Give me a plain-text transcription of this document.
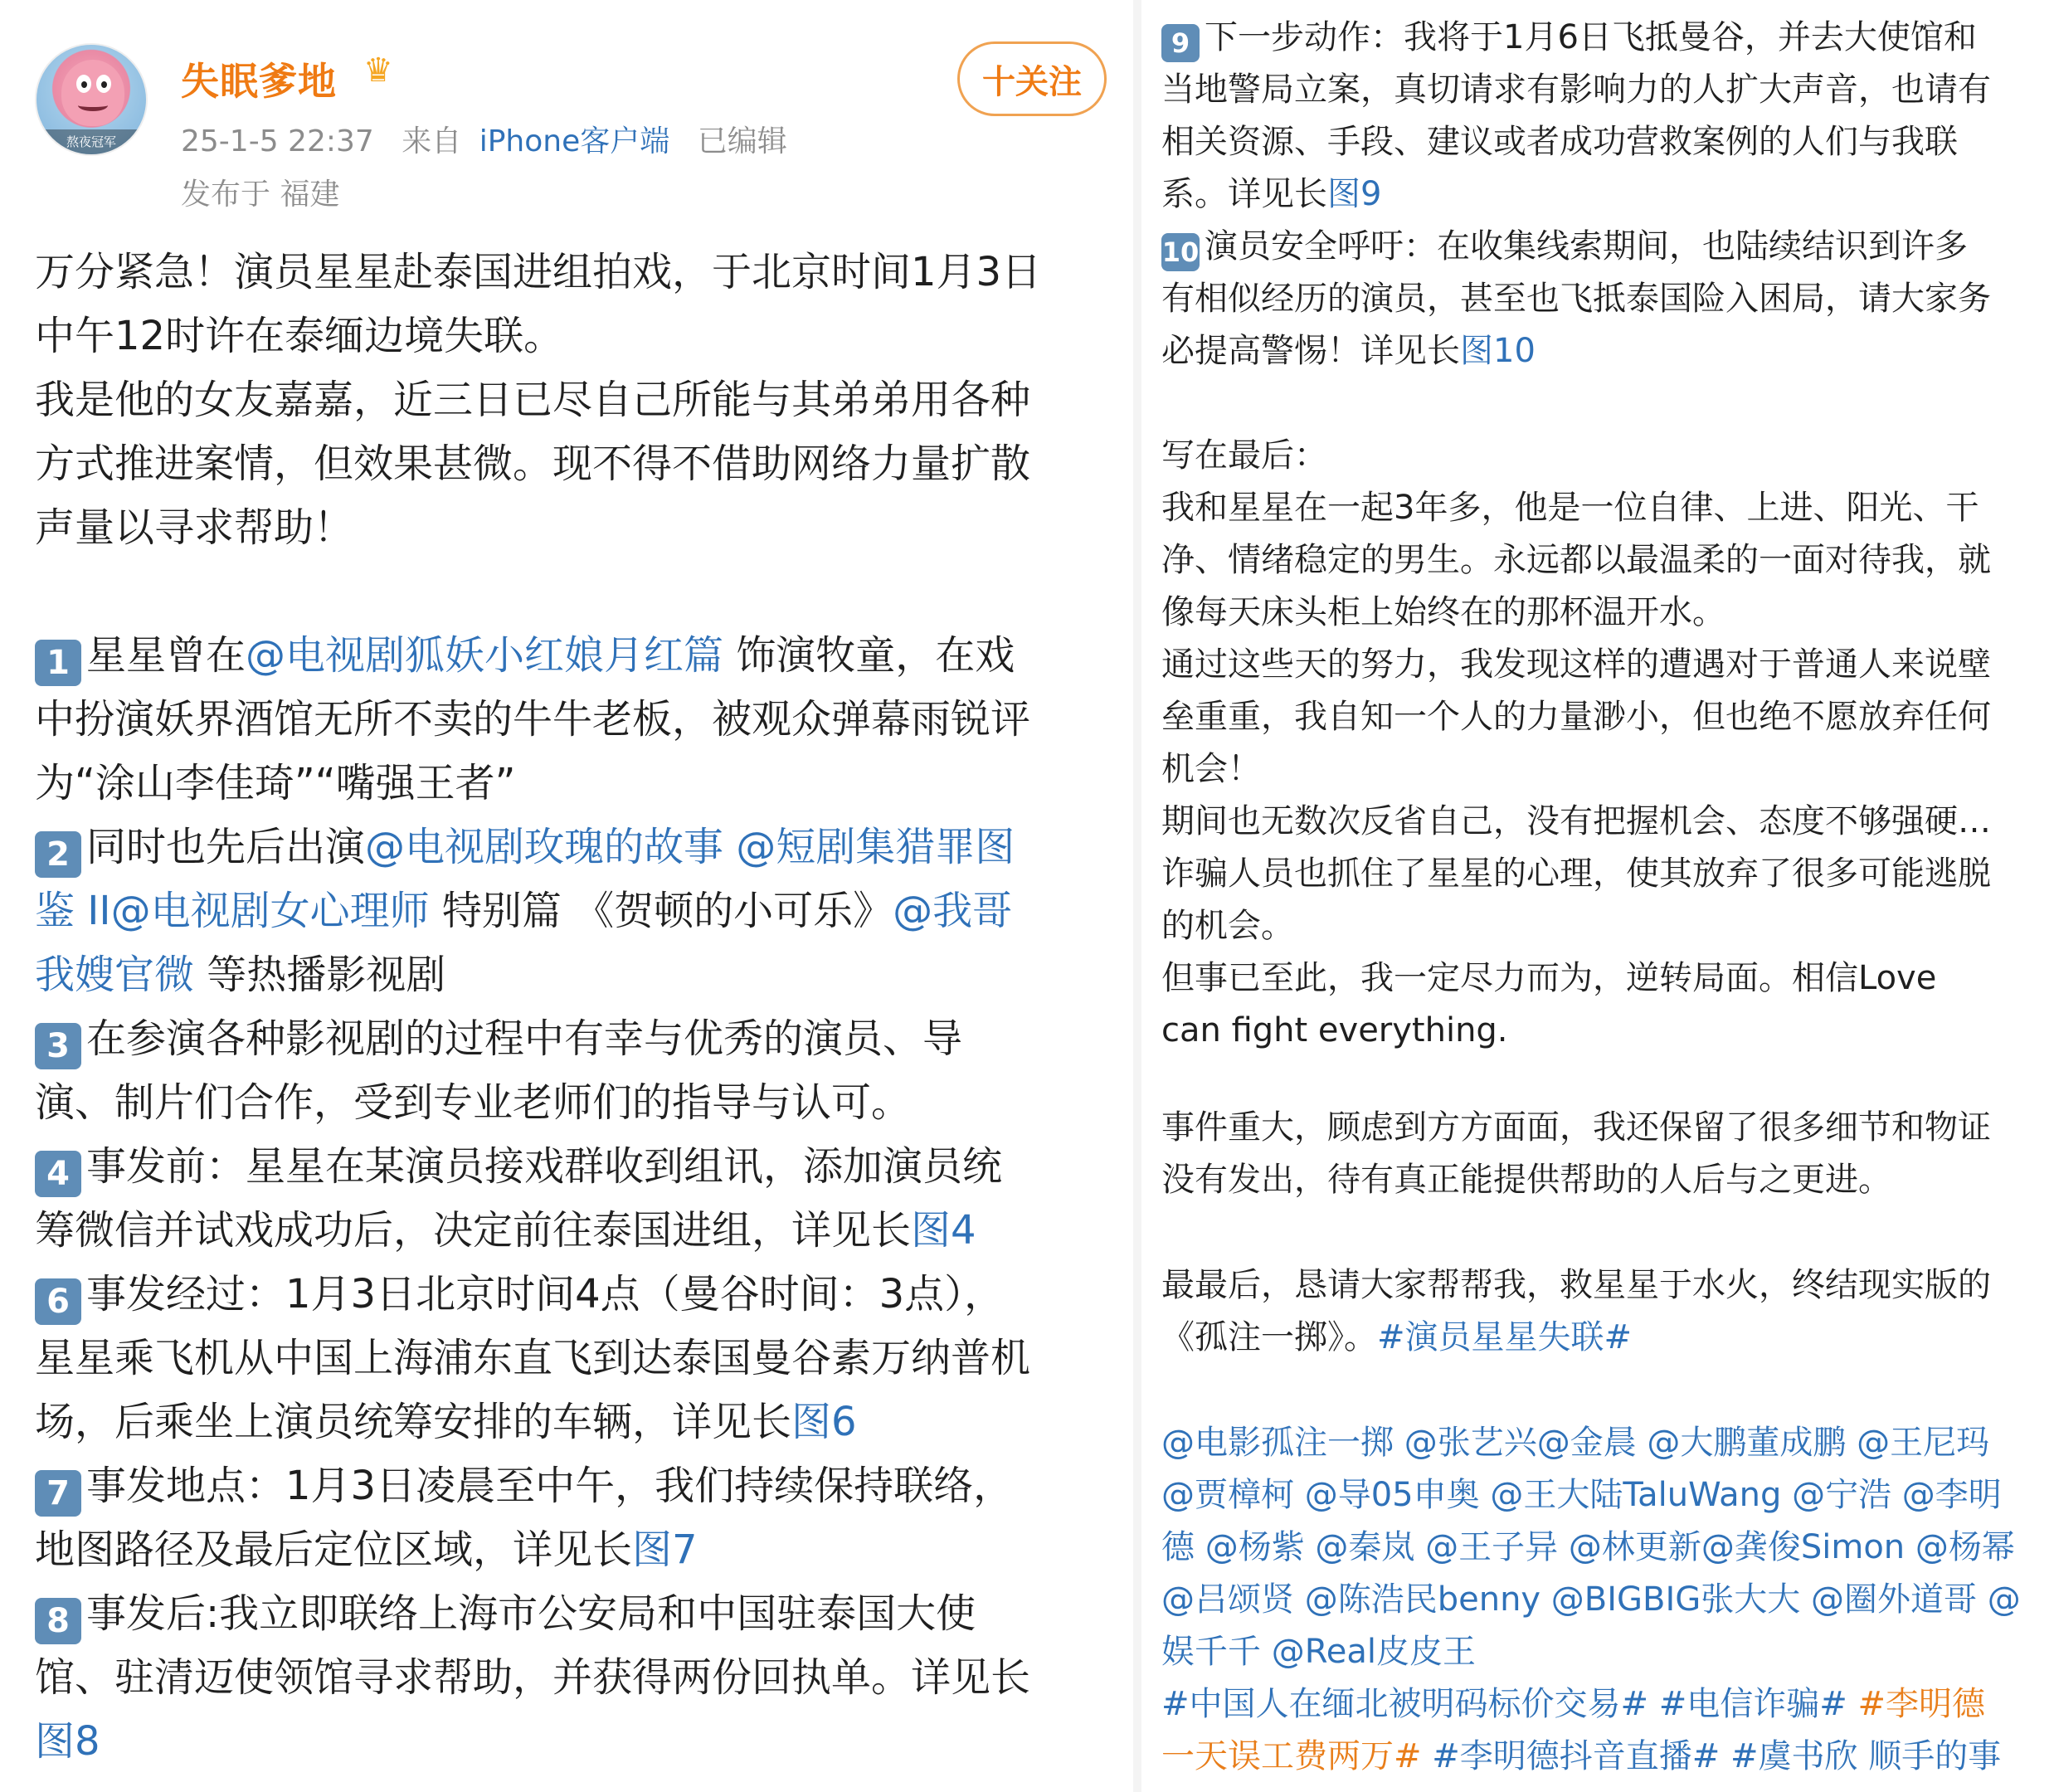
熬夜冠军
失眠爹地 ♛
25-1-5 22:37 来自 iPhone客户端 已编辑
发布于 福建
十关注
万分紧急！演员星星赴泰国进组拍戏，于北京时间1月3日
中午12时许在泰缅边境失联。
我是他的女友嘉嘉，近三日已尽自己所能与其弟弟用各种
方式推进案情，但效果甚微。现不得不借助网络力量扩散
声量以寻求帮助！
1 星星曾在@电视剧狐妖小红娘月红篇 饰演牧童，在戏
中扮演妖界酒馆无所不卖的牛牛老板，被观众弹幕雨锐评
为“涂山李佳琦”“嘴强王者”
2 同时也先后出演@电视剧玫瑰的故事 @短剧集猎罪图
鉴 II@电视剧女心理师 特别篇 《贺顿的小可乐》@我哥
我嫂官微 等热播影视剧
3 在参演各种影视剧的过程中有幸与优秀的演员、导
演、制片们合作，受到专业老师们的指导与认可。
4 事发前：星星在某演员接戏群收到组讯，添加演员统
筹微信并试戏成功后，决定前往泰国进组，详见长图4
6 事发经过：1月3日北京时间4点（曼谷时间：3点），
星星乘飞机从中国上海浦东直飞到达泰国曼谷素万纳普机
场，后乘坐上演员统筹安排的车辆，详见长图6
7 事发地点：1月3日凌晨至中午，我们持续保持联络，
地图路径及最后定位区域，详见长图7
8 事发后:我立即联络上海市公安局和中国驻泰国大使
馆、驻清迈使领馆寻求帮助，并获得两份回执单。详见长
图8
9 下一步动作：我将于1月6日飞抵曼谷，并去大使馆和
当地警局立案，真切请求有影响力的人扩大声音，也请有
相关资源、手段、建议或者成功营救案例的人们与我联
系。详见长图9
10 演员安全呼吁：在收集线索期间，也陆续结识到许多
有相似经历的演员，甚至也飞抵泰国险入困局，请大家务
必提高警惕！详见长图10
写在最后：
我和星星在一起3年多，他是一位自律、上进、阳光、干
净、情绪稳定的男生。永远都以最温柔的一面对待我，就
像每天床头柜上始终在的那杯温开水。
通过这些天的努力，我发现这样的遭遇对于普通人来说壁
垒重重，我自知一个人的力量渺小，但也绝不愿放弃任何
机会！
期间也无数次反省自己，没有把握机会、态度不够强硬…
诈骗人员也抓住了星星的心理，使其放弃了很多可能逃脱
的机会。
但事已至此，我一定尽力而为，逆转局面。相信Love
can fight everything.
事件重大，顾虑到方方面面，我还保留了很多细节和物证
没有发出，待有真正能提供帮助的人后与之更进。
最最后，恳请大家帮帮我，救星星于水火，终结现实版的
《孤注一掷》。#演员星星失联#
@电影孤注一掷 @张艺兴@金晨 @大鹏董成鹏 @王尼玛
@贾樟柯 @导05申奥 @王大陆TaluWang @宁浩 @李明
德 @杨紫 @秦岚 @王子异 @林更新@龚俊Simon @杨幂
@吕颂贤 @陈浩民benny @BIGBIG张大大 @圈外道哥 @
娱千千 @Real皮皮王
#中国人在缅北被明码标价交易# #电信诈骗# #李明德
一天误工费两万# #李明德抖音直播# #虞书欣 顺手的事
